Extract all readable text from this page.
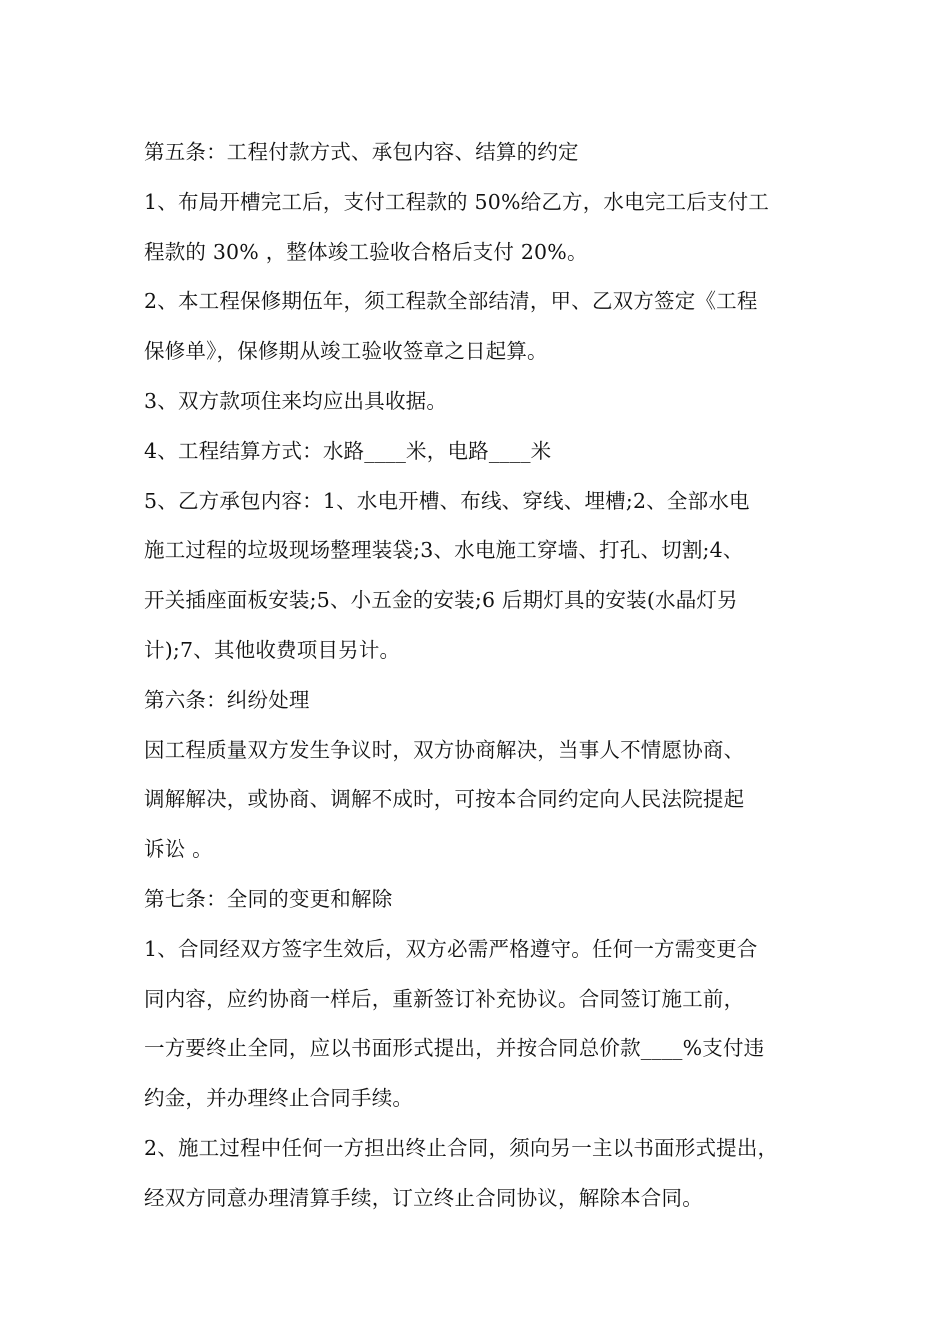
第五条：工程付款方式、承包内容、结算的约定
1、布局开槽完工后，支付工程款的 50%给乙方，水电完工后支付工
程款的 30% ，整体竣工验收合格后支付 20%。
2、本工程保修期伍年，须工程款全部结清，甲、乙双方签定《工程
保修单》，保修期从竣工验收签章之日起算。
3、双方款项住来均应出具收据。
4、工程结算方式：水路____米，电路____米
5、乙方承包内容：1、水电开槽、布线、穿线、埋槽;2、全部水电
施工过程的垃圾现场整理装袋;3、水电施工穿墙、打孔、切割;4、
开关插座面板安装;5、小五金的安装;6 后期灯具的安装(水晶灯另
计);7、其他收费项目另计。
第六条：纠纷处理
因工程质量双方发生争议时，双方协商解决，当事人不情愿协商、
调解解决，或协商、调解不成时，可按本合同约定向人民法院提起
诉讼 。
第七条：全同的变更和解除
1、合同经双方签字生效后，双方必需严格遵守。任何一方需变更合
同内容，应约协商一样后，重新签订补充协议。合同签订施工前，
一方要终止全同，应以书面形式提出，并按合同总价款____%支付违
约金，并办理终止合同手续。
2、施工过程中任何一方担出终止合同，须向另一主以书面形式提出，
经双方同意办理清算手续，订立终止合同协议，解除本合同。
